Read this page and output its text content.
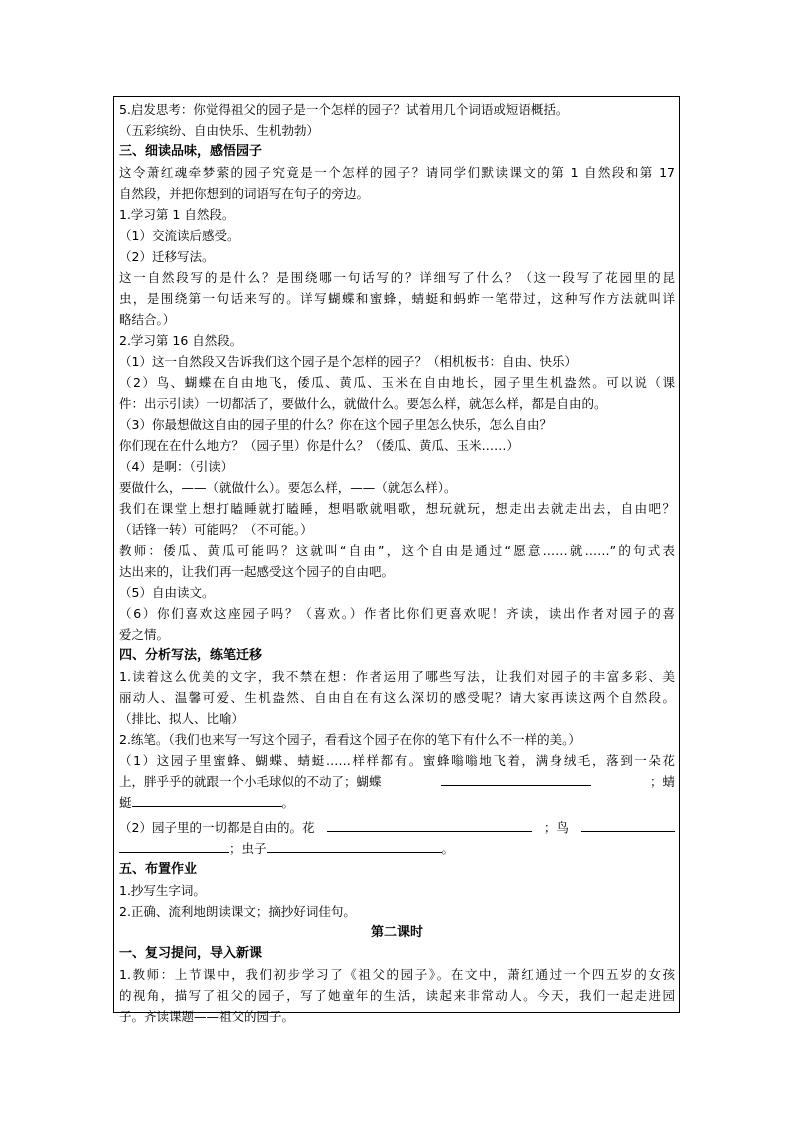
5.启发思考：你觉得祖父的园子是一个怎样的园子？试着用几个词语或短语概括。
（五彩缤纷、自由快乐、生机勃勃）
三、细读品味，感悟园子
这令萧红魂牵梦萦的园子究竟是一个怎样的园子？请同学们默读课文的第 1 自然段和第 17
自然段，并把你想到的词语写在句子的旁边。
1.学习第 1 自然段。
（1）交流读后感受。
（2）迁移写法。
这一自然段写的是什么？是围绕哪一句话写的？详细写了什么？（这一段写了花园里的昆
虫，是围绕第一句话来写的。详写蝴蝶和蜜蜂，蜻蜓和蚂蚱一笔带过，这种写作方法就叫详
略结合。）
2.学习第 16 自然段。
（1）这一自然段又告诉我们这个园子是个怎样的园子？（相机板书：自由、快乐）
（2）鸟、蝴蝶在自由地飞，倭瓜、黄瓜、玉米在自由地长，园子里生机盎然。可以说（课
件：出示引读）一切都活了，要做什么，就做什么。要怎么样，就怎么样，都是自由的。
（3）你最想做这自由的园子里的什么？你在这个园子里怎么快乐，怎么自由？
你们现在在什么地方？（园子里）你是什么？（倭瓜、黄瓜、玉米……）
（4）是啊：（引读）
要做什么，——（就做什么）。要怎么样，——（就怎么样）。
我们在课堂上想打瞌睡就打瞌睡，想唱歌就唱歌，想玩就玩，想走出去就走出去，自由吧？
（话锋一转）可能吗？（不可能。）
教师：倭瓜、黄瓜可能吗？这就叫“自由”，这个自由是通过“愿意……就……”的句式表
达出来的，让我们再一起感受这个园子的自由吧。
（5）自由读文。
（6）你们喜欢这座园子吗？（喜欢。）作者比你们更喜欢呢！齐读，读出作者对园子的喜
爱之情。
四、分析写法，练笔迁移
1.读着这么优美的文字，我不禁在想：作者运用了哪些写法，让我们对园子的丰富多彩、美
丽动人、温馨可爱、生机盎然、自由自在有这么深切的感受呢？请大家再读这两个自然段。
（排比、拟人、比喻）
2.练笔。（我们也来写一写这个园子，看看这个园子在你的笔下有什么不一样的美。）
（1）这园子里蜜蜂、蝴蝶、蜻蜓……样样都有。蜜蜂嗡嗡地飞着，满身绒毛，落到一朵花
上，胖乎乎的就跟一个小毛球似的不动了；蝴蝶	；蜻
蜓	。
（2）园子里的一切都是自由的。花	；鸟
；虫子	。
五、布置作业
1.抄写生字词。
2.正确、流利地朗读课文；摘抄好词佳句。
第二课时
一、复习提问，导入新课
1.教师：上节课中，我们初步学习了《祖父的园子》。在文中，萧红通过一个四五岁的女孩
的视角，描写了祖父的园子，写了她童年的生活，读起来非常动人。今天，我们一起走进园
子。齐读课题——祖父的园子。
